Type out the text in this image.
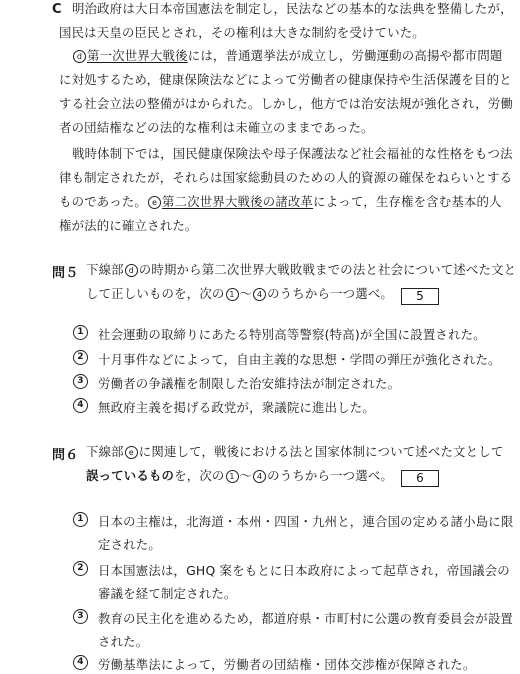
C 明治政府は大日本帝国憲法を制定し，民法などの基本的な法典を整備したが，
国民は天皇の臣民とされ，その権利は大きな制約を受けていた。
d 第一次世界大戦後には，普通選挙法が成立し，労働運動の高揚や都市問題
に対処するため，健康保険法などによって労働者の健康保持や生活保護を目的と
する社会立法の整備がはかられた。しかし，他方では治安法規が強化され，労働
者の団結権などの法的な権利は未確立のままであった。
戦時体制下では，国民健康保険法や母子保護法など社会福祉的な性格をもつ法
律も制定されたが，それらは国家総動員のための人的資源の確保をねらいとする
ものであった。 e 第二次世界大戦後の諸改革によって，生存権を含む基本的人
権が法的に確立された。
問５ 下線部 d の時期から第二次世界大戦敗戦までの法と社会について述べた文と
して正しいものを，次の 1 ～ 4 のうちから一つ選べ。 5
1	社会運動の取締りにあたる特別高等警察(特高)が全国に設置された。
2	十月事件などによって，自由主義的な思想・学問の弾圧が強化された。
3	労働者の争議権を制限した治安維持法が制定された。
4	無政府主義を掲げる政党が，衆議院に進出した。
問６ 下線部 e に関連して，戦後における法と国家体制について述べた文として
誤っているものを，次の 1 ～ 4 のうちから一つ選べ。 6
1	日本の主権は，北海道・本州・四国・九州と，連合国の定める諸小島に限
定された。
2	日本国憲法は，GHQ 案をもとに日本政府によって起草され，帝国議会の
審議を経て制定された。
3	教育の民主化を進めるため，都道府県・市町村に公選の教育委員会が設置
された。
4	労働基準法によって，労働者の団結権・団体交渉権が保障された。
